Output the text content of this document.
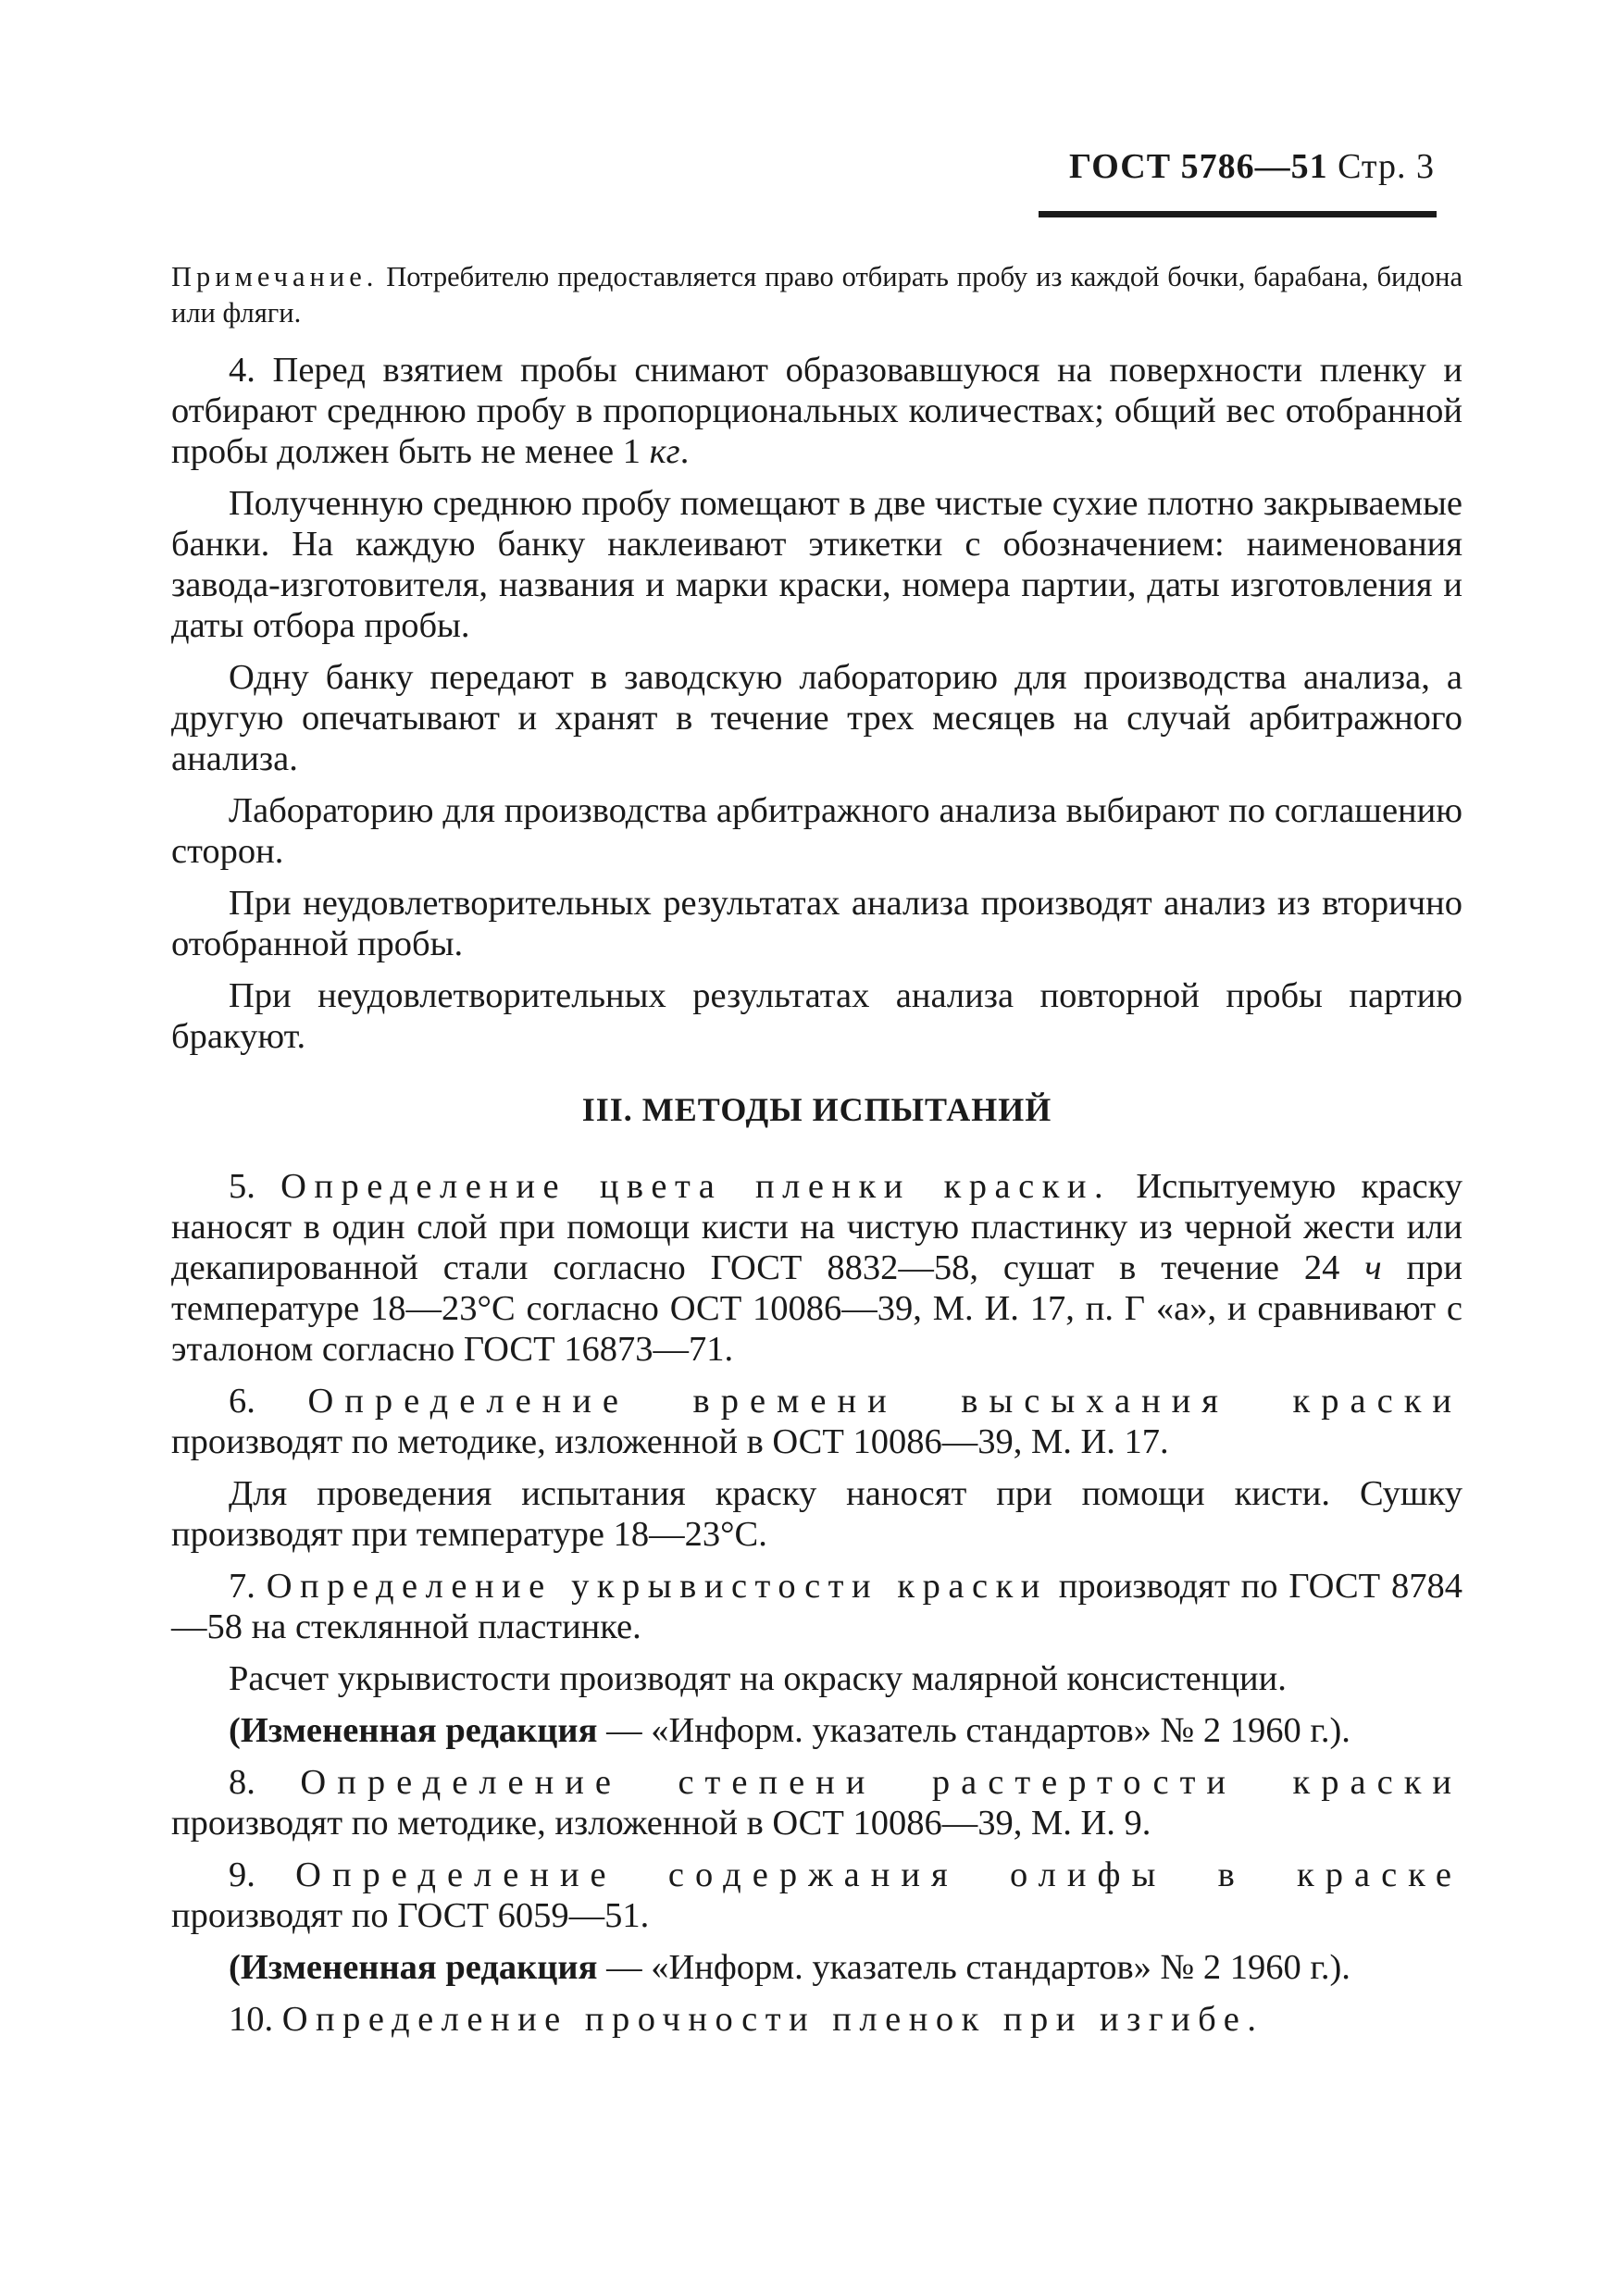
ГОСТ 5786—51 Стр. 3
Примечание. Потребителю предоставляется право отбирать пробу из каждой бочки, барабана, бидона или фляги.

4. Перед взятием пробы снимают образовавшуюся на поверхности пленку и отбирают среднюю пробу в пропорциональных количествах; общий вес отобранной пробы должен быть не менее 1 кг.

Полученную среднюю пробу помещают в две чистые сухие плотно закрываемые банки. На каждую банку наклеивают этикетки с обозначением: наименования завода-изготовителя, названия и марки краски, номера партии, даты изготовления и даты отбора пробы.

Одну банку передают в заводскую лабораторию для производства анализа, а другую опечатывают и хранят в течение трех месяцев на случай арбитражного анализа.

Лабораторию для производства арбитражного анализа выбирают по соглашению сторон.

При неудовлетворительных результатах анализа производят анализ из вторично отобранной пробы.

При неудовлетворительных результатах анализа повторной пробы партию бракуют.

III. МЕТОДЫ ИСПЫТАНИЙ

5. Определение цвета пленки краски. Испытуемую краску наносят в один слой при помощи кисти на чистую пластинку из черной жести или декапированной стали согласно ГОСТ 8832—58, сушат в течение 24 ч при температуре 18—23°С согласно ОСТ 10086—39, М. И. 17, п. Г «а», и сравнивают с эталоном согласно ГОСТ 16873—71.

6. Определение времени высыхания краски производят по методике, изложенной в ОСТ 10086—39, М. И. 17.

Для проведения испытания краску наносят при помощи кисти. Сушку производят при температуре 18—23°С.

7. Определение укрывистости краски производят по ГОСТ 8784—58 на стеклянной пластинке.

Расчет укрывистости производят на окраску малярной консистенции.

(Измененная редакция — «Информ. указатель стандартов» № 2 1960 г.).

8. Определение степени растертости краски производят по методике, изложенной в ОСТ 10086—39, М. И. 9.

9. Определение содержания олифы в краске производят по ГОСТ 6059—51.

(Измененная редакция — «Информ. указатель стандартов» № 2 1960 г.).

10. Определение прочности пленок при изгибе.
